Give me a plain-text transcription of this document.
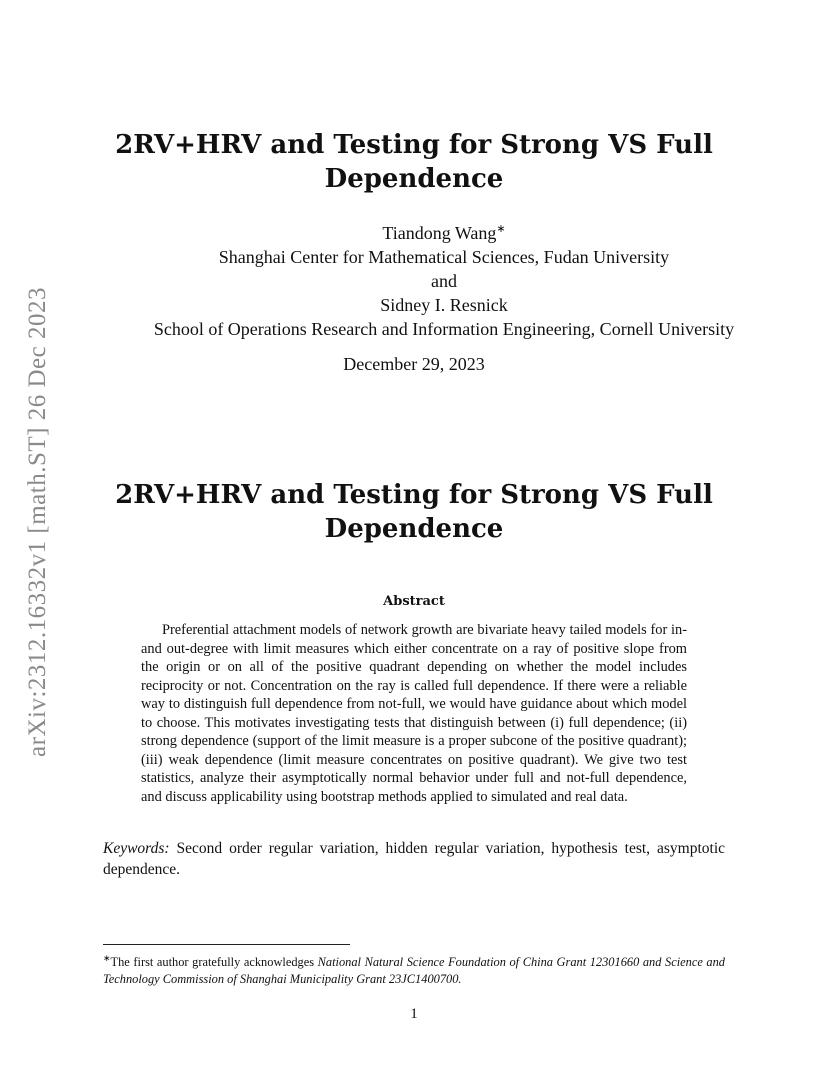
arXiv:2312.16332v1 [math.ST] 26 Dec 2023
2RV+HRV and Testing for Strong VS Full Dependence
Tiandong Wang∗
Shanghai Center for Mathematical Sciences, Fudan University
and
Sidney I. Resnick
School of Operations Research and Information Engineering, Cornell University
December 29, 2023
2RV+HRV and Testing for Strong VS Full Dependence
Abstract

Preferential attachment models of network growth are bivariate heavy tailed models for in- and out-degree with limit measures which either concentrate on a ray of positive slope from the origin or on all of the positive quadrant depending on whether the model includes reciprocity or not. Concentration on the ray is called full dependence. If there were a reliable way to distinguish full dependence from not-full, we would have guidance about which model to choose. This motivates investigating tests that distinguish between (i) full dependence; (ii) strong dependence (support of the limit measure is a proper subcone of the positive quadrant); (iii) weak dependence (limit measure concentrates on positive quadrant). We give two test statistics, analyze their asymptotically normal behavior under full and not-full dependence, and discuss applicability using bootstrap methods applied to simulated and real data.

Keywords: Second order regular variation, hidden regular variation, hypothesis test, asymptotic dependence.

∗The first author gratefully acknowledges National Natural Science Foundation of China Grant 12301660 and Science and Technology Commission of Shanghai Municipality Grant 23JC1400700.

1
